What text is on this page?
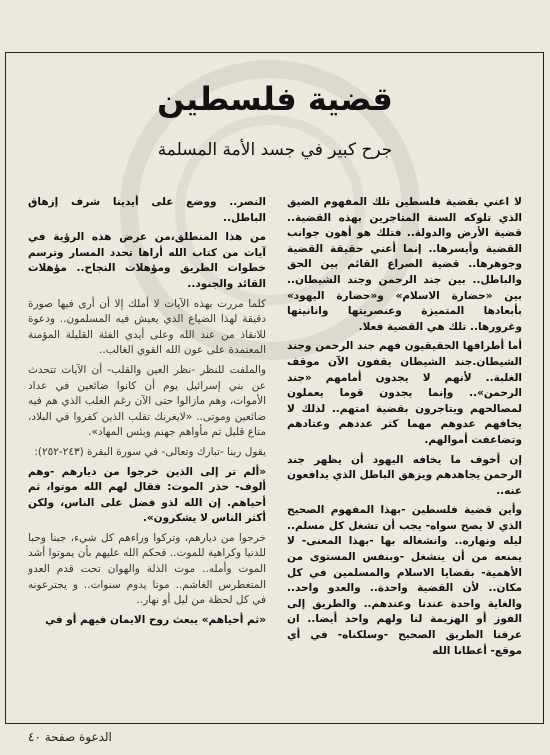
قضية فلسطين
جرح كبير في جسد الأمة المسلمة

لا اعني بقضية فلسطين تلك المفهوم الضيق الذي تلوكه السنة المتاجرين بهذه القضية.. قضية الأرض والدولة.. فتلك هو أهون جوانب القضية وأيسرها.. إنما أعني حقيقة القضية وجوهرها.. قضية الصراع القائم بين الحق والباطل.. بين جند الرحمن وجند الشيطان.. بين «حضارة الاسلام» و«حضارة اليهود» بأبعادها المتميزة وعنصريتها وانانيتها وغرورها.. تلك هي القضية فعلا.

أما أطرافها الحقيقيون فهم جند الرحمن وجند الشيطان.جند الشيطان يقفون الآن موقف الغلبة.. لأنهم لا يجدون أمامهم «جند الرحمن».. وإنما يجدون قوما يعملون لمصالحهم ويتاجرون بقضية امتهم.. لذلك لا يخافهم عدوهم مهما كثر عددهم وعتادهم وتضاعفت أموالهم.

إن أخوف ما يخافه اليهود أن يظهر جند الرحمن يجاهدهم ويزهق الباطل الذي يدافعون عنه..

وأين قضية فلسطين -بهذا المفهوم الصحيح الذي لا يصح سواه- يجب أن تشغل كل مسلم.. ليله ونهاره.. وانشغاله بها -بهذا المعنى- لا يمنعه من أن ينشغل -وبنفس المستوى من الأهمية- بقضايا الاسلام والمسلمين في كل مكان.. لأن القضية واحدة.. والعدو واحد.. والغاية واحدة عندنا وعندهم.. والطريق إلى الفوز أو الهزيمة لنا ولهم واحد أيضا.. ان عرفنا الطريق الصحيح -وسلكناه- في أي موقع- أعطانا الله

النصر.. ووضع على أيدينا شرف إزهاق الباطل..

من هذا المنطلق،من عرض هذه الرؤية في آيات من كتاب الله أراها تحدد المسار وترسم خطوات الطريق ومؤهلات النجاح.. مؤهلات القائد والجنود..

كلما مررت بهذه الآيات لا أملك إلا أن أرى فيها صورة دقيقة لهذا الضياع الذي يعيش فيه المسلمون.. ودعوة للانقاذ من عند الله وعلى أيدي الفئة القليلة المؤمنة المعتمدة على عون الله القوي الغالب..

والملفت للنظر -نظر العين والقلب- أن الآيات تتحدث عن بني إسرائيل يوم أن كانوا ضائعين في عداد الأموات، وهم مازالوا حتى الآن رغم الغلب الذي هم فيه ضائعين وموتى.. «لايغرنك تقلب الذين كفروا في البلاد، متاع قليل ثم مأواهم جهنم وبئس المهاد».

يقول ربنا -تبارك وتعالى- في سورة البقرة (٢٤٣-٢٥٢):

«ألم تر إلى الذين خرجوا من ديارهم -وهم ألوف- حذر الموت: فقال لهم الله موتوا، ثم أحياهم. إن الله لذو فضل على الناس، ولكن أكثر الناس لا يشكرون».

خرجوا من ديارهم، وتركوا وراءهم كل شيء، جبنا وحبا للدنيا وكراهية للموت.. فحكم الله عليهم بأن يموتوا أشد الموت وأمله.. موت الذلة والهوان تحت قدم العدو المتغطرس الغاشم.. موتا يدوم سنوات.. و يجترعونه في كل لحظة من ليل أو نهار..

«ثم أحياهم» يبعث روح الايمان فيهم أو في

الدعوة صفحة ٤٠
